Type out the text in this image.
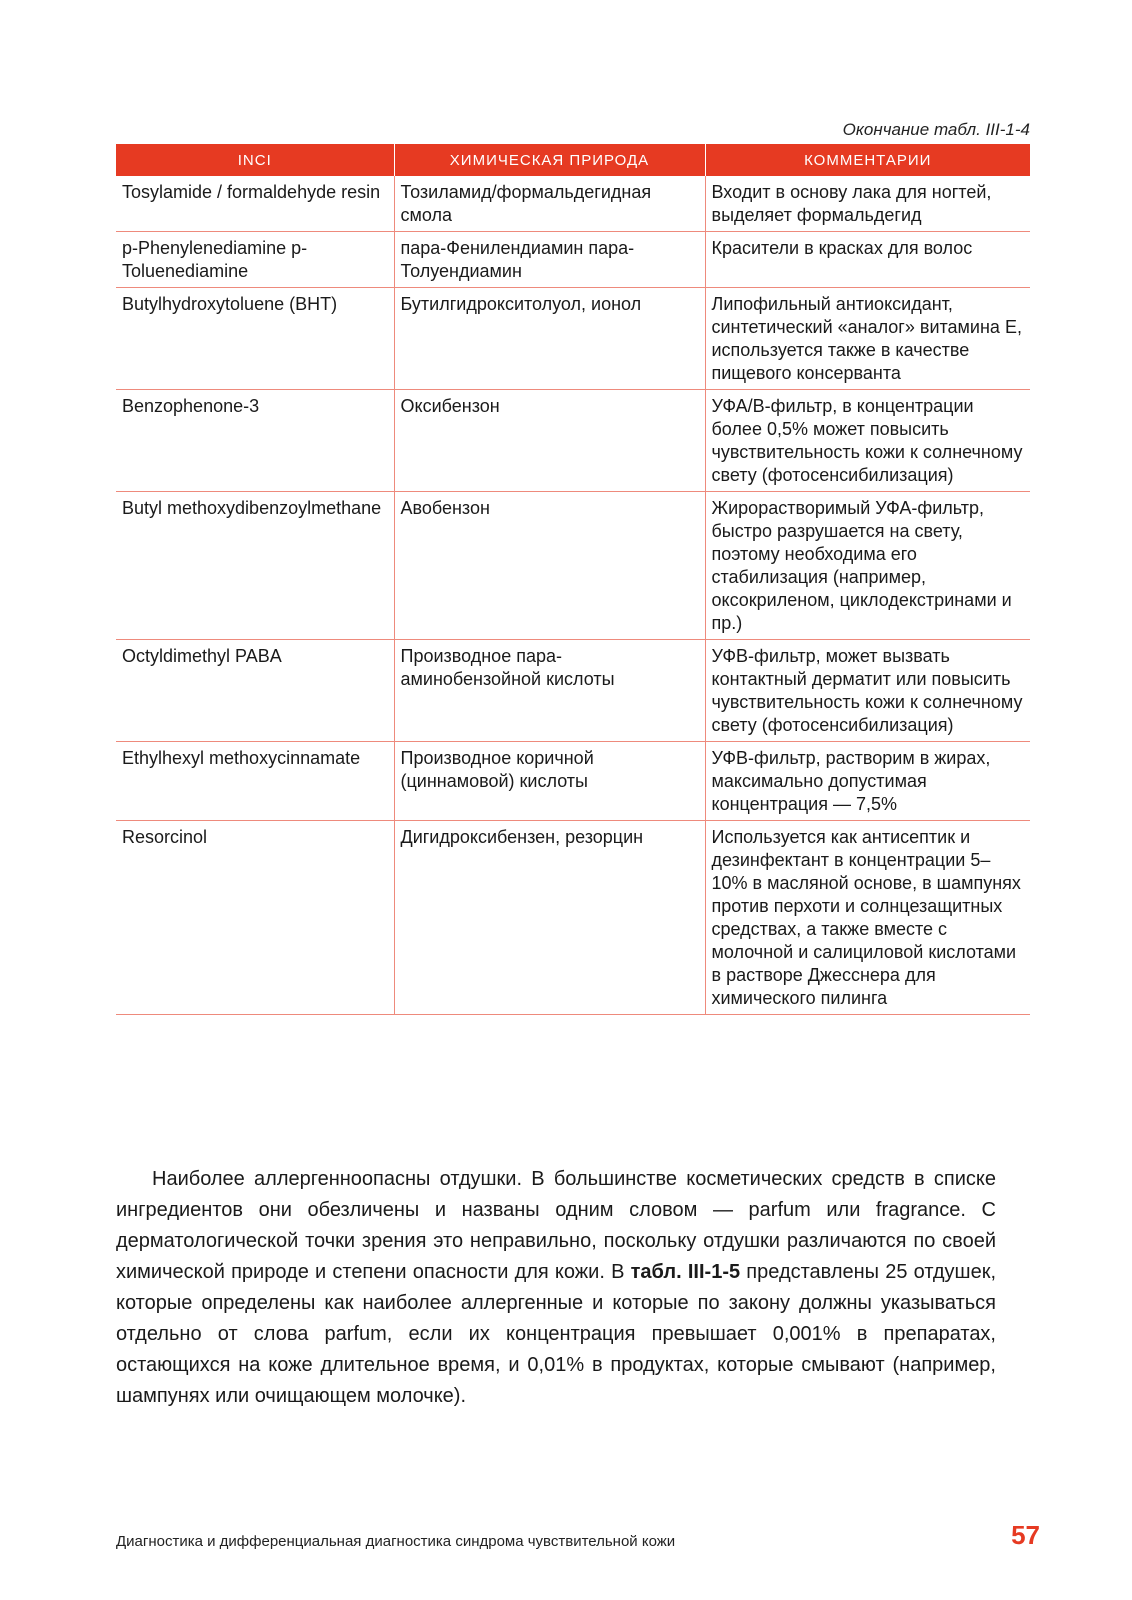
Окончание табл. III-1-4
INCI	ХИМИЧЕСКАЯ ПРИРОДА	КОММЕНТАРИИ
Tosylamide / formaldehyde resin	Тозиламид/формальдегидная смола	Входит в основу лака для ногтей, выделяет формальдегид
p-Phenylenediamine p-Toluenediamine	пара-Фенилендиамин пара-Толуендиамин	Красители в красках для волос
Butylhydroxytoluene (BHT)	Бутилгидрокситолуол, ионол	Липофильный антиоксидант, синтетический «аналог» витамина Е, используется также в качестве пищевого консерванта
Benzophenone-3	Оксибензон	УФА/В-фильтр, в концентрации более 0,5% может повысить чувствительность кожи к солнечному свету (фотосенсибилизация)
Butyl methoxydibenzoylmethane	Авобензон	Жирорастворимый УФА-фильтр, быстро разрушается на свету, поэтому необходима его стабилизация (например, оксокриленом, циклодекстринами и пр.)
Octyldimethyl PABA	Производное пара-аминобензойной кислоты	УФВ-фильтр, может вызвать контактный дерматит или повысить чувствительность кожи к солнечному свету (фотосенсибилизация)
Ethylhexyl methoxycinnamate	Производное коричной (циннамовой) кислоты	УФВ-фильтр, растворим в жирах, максимально допустимая концентрация — 7,5%
Resorcinol	Дигидроксибензен, резорцин	Используется как антисептик и дезинфектант в концентрации 5–10% в масляной основе, в шампунях против перхоти и солнцезащитных средствах, а также вместе с молочной и салициловой кислотами в растворе Джесснера для химического пилинга

Наиболее аллергенноопасны отдушки. В большинстве косметических средств в списке ингредиентов они обезличены и названы одним словом — parfum или fragrance. С дерматологической точки зрения это неправильно, поскольку отдушки различаются по своей химической природе и степени опасности для кожи. В табл. III-1-5 представлены 25 отдушек, которые определены как наиболее аллергенные и которые по закону должны указываться отдельно от слова parfum, если их концентрация превышает 0,001% в препаратах, остающихся на коже длительное время, и 0,01% в продуктах, которые смывают (например, шампунях или очищающем молочке).

Диагностика и дифференциальная диагностика синдрома чувствительной кожи	57
